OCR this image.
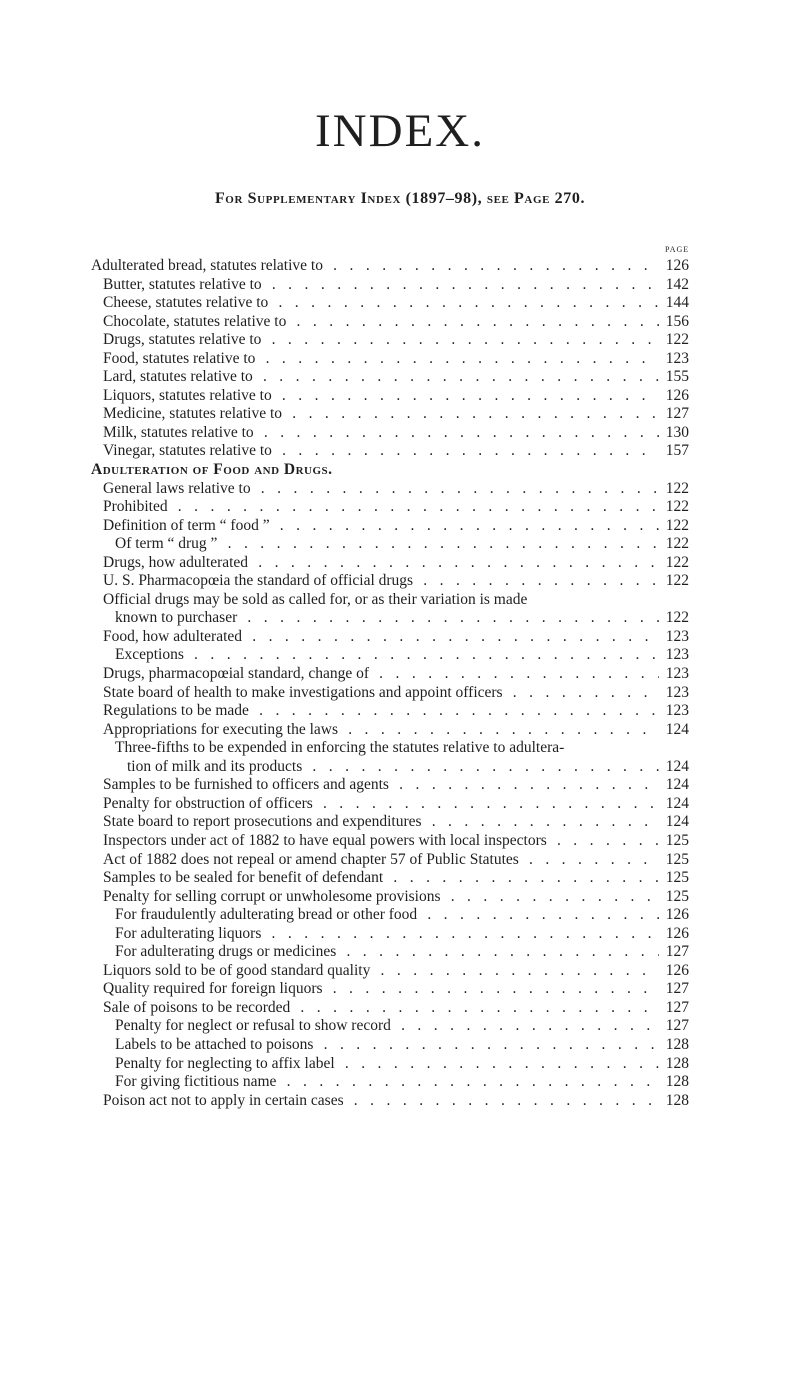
INDEX.
For Supplementary Index (1897–98), see Page 270.
PAGE
Adulterated bread, statutes relative to . . .	126
Butter, statutes relative to . . .	142
Cheese, statutes relative to . . .	144
Chocolate, statutes relative to . . .	156
Drugs, statutes relative to . . .	122
Food, statutes relative to . . .	123
Lard, statutes relative to . . .	155
Liquors, statutes relative to . . .	126
Medicine, statutes relative to . . .	127
Milk, statutes relative to . . .	130
Vinegar, statutes relative to . . .	157
Adulteration of Food and Drugs.
General laws relative to . . .	122
Prohibited . . .	122
Definition of term “ food ” . . .	122
Of term “ drug ” . . .	122
Drugs, how adulterated . . .	122
U. S. Pharmacopœia the standard of official drugs . . .	122
Official drugs may be sold as called for, or as their variation is made
known to purchaser . . .	122
Food, how adulterated . . .	123
Exceptions . . .	123
Drugs, pharmacopœial standard, change of . . .	123
State board of health to make investigations and appoint officers . . .	123
Regulations to be made . . .	123
Appropriations for executing the laws . . .	124
Three-fifths to be expended in enforcing the statutes relative to adultera-
tion of milk and its products . . .	124
Samples to be furnished to officers and agents . . .	124
Penalty for obstruction of officers . . .	124
State board to report prosecutions and expenditures . . .	124
Inspectors under act of 1882 to have equal powers with local inspectors . . .	125
Act of 1882 does not repeal or amend chapter 57 of Public Statutes . . .	125
Samples to be sealed for benefit of defendant . . .	125
Penalty for selling corrupt or unwholesome provisions . . .	125
For fraudulently adulterating bread or other food . . .	126
For adulterating liquors . . .	126
For adulterating drugs or medicines . . .	127
Liquors sold to be of good standard quality . . .	126
Quality required for foreign liquors . . .	127
Sale of poisons to be recorded . . .	127
Penalty for neglect or refusal to show record . . .	127
Labels to be attached to poisons . . .	128
Penalty for neglecting to affix label . . .	128
For giving fictitious name . . .	128
Poison act not to apply in certain cases . . .	128
